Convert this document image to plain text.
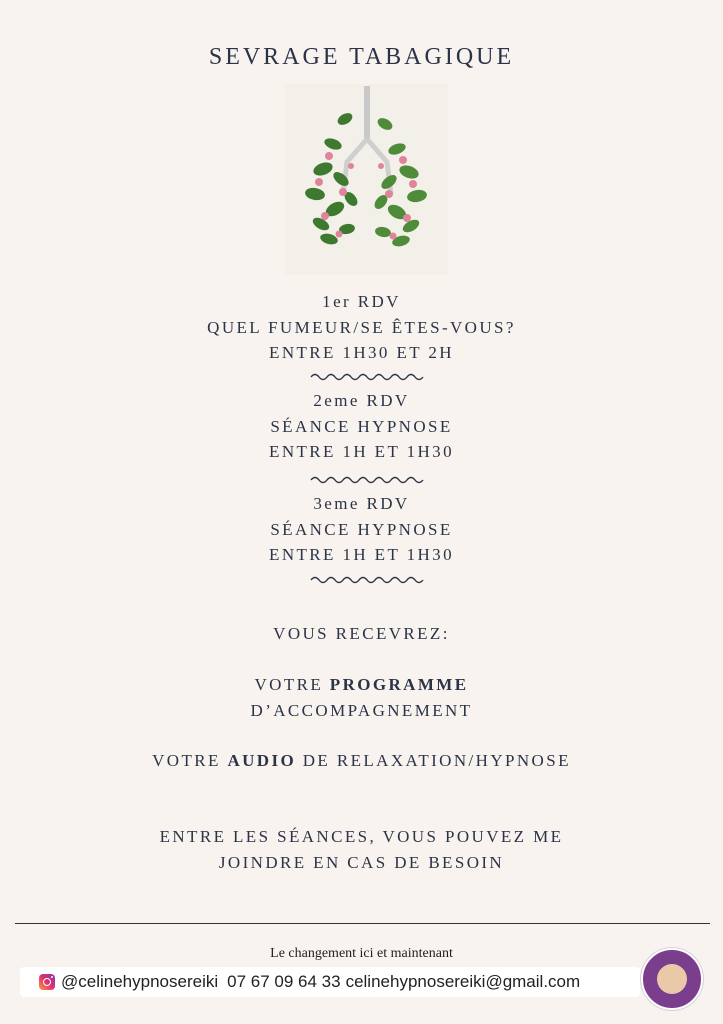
SEVRAGE TABAGIQUE
1er RDV
QUEL FUMEUR/SE ÊTES-VOUS?
ENTRE 1H30 ET 2H
2eme RDV
SÉANCE HYPNOSE
ENTRE 1H ET 1H30
3eme RDV
SÉANCE HYPNOSE
ENTRE 1H ET 1H30
VOUS RECEVREZ:
VOTRE PROGRAMME
D’ACCOMPAGNEMENT
VOTRE AUDIO DE RELAXATION/HYPNOSE
ENTRE LES SÉANCES, VOUS POUVEZ ME
JOINDRE EN CAS DE BESOIN
Le changement ici et maintenant
@celinehypnosereiki 07 67 09 64 33 celinehypnosereiki@gmail.com
